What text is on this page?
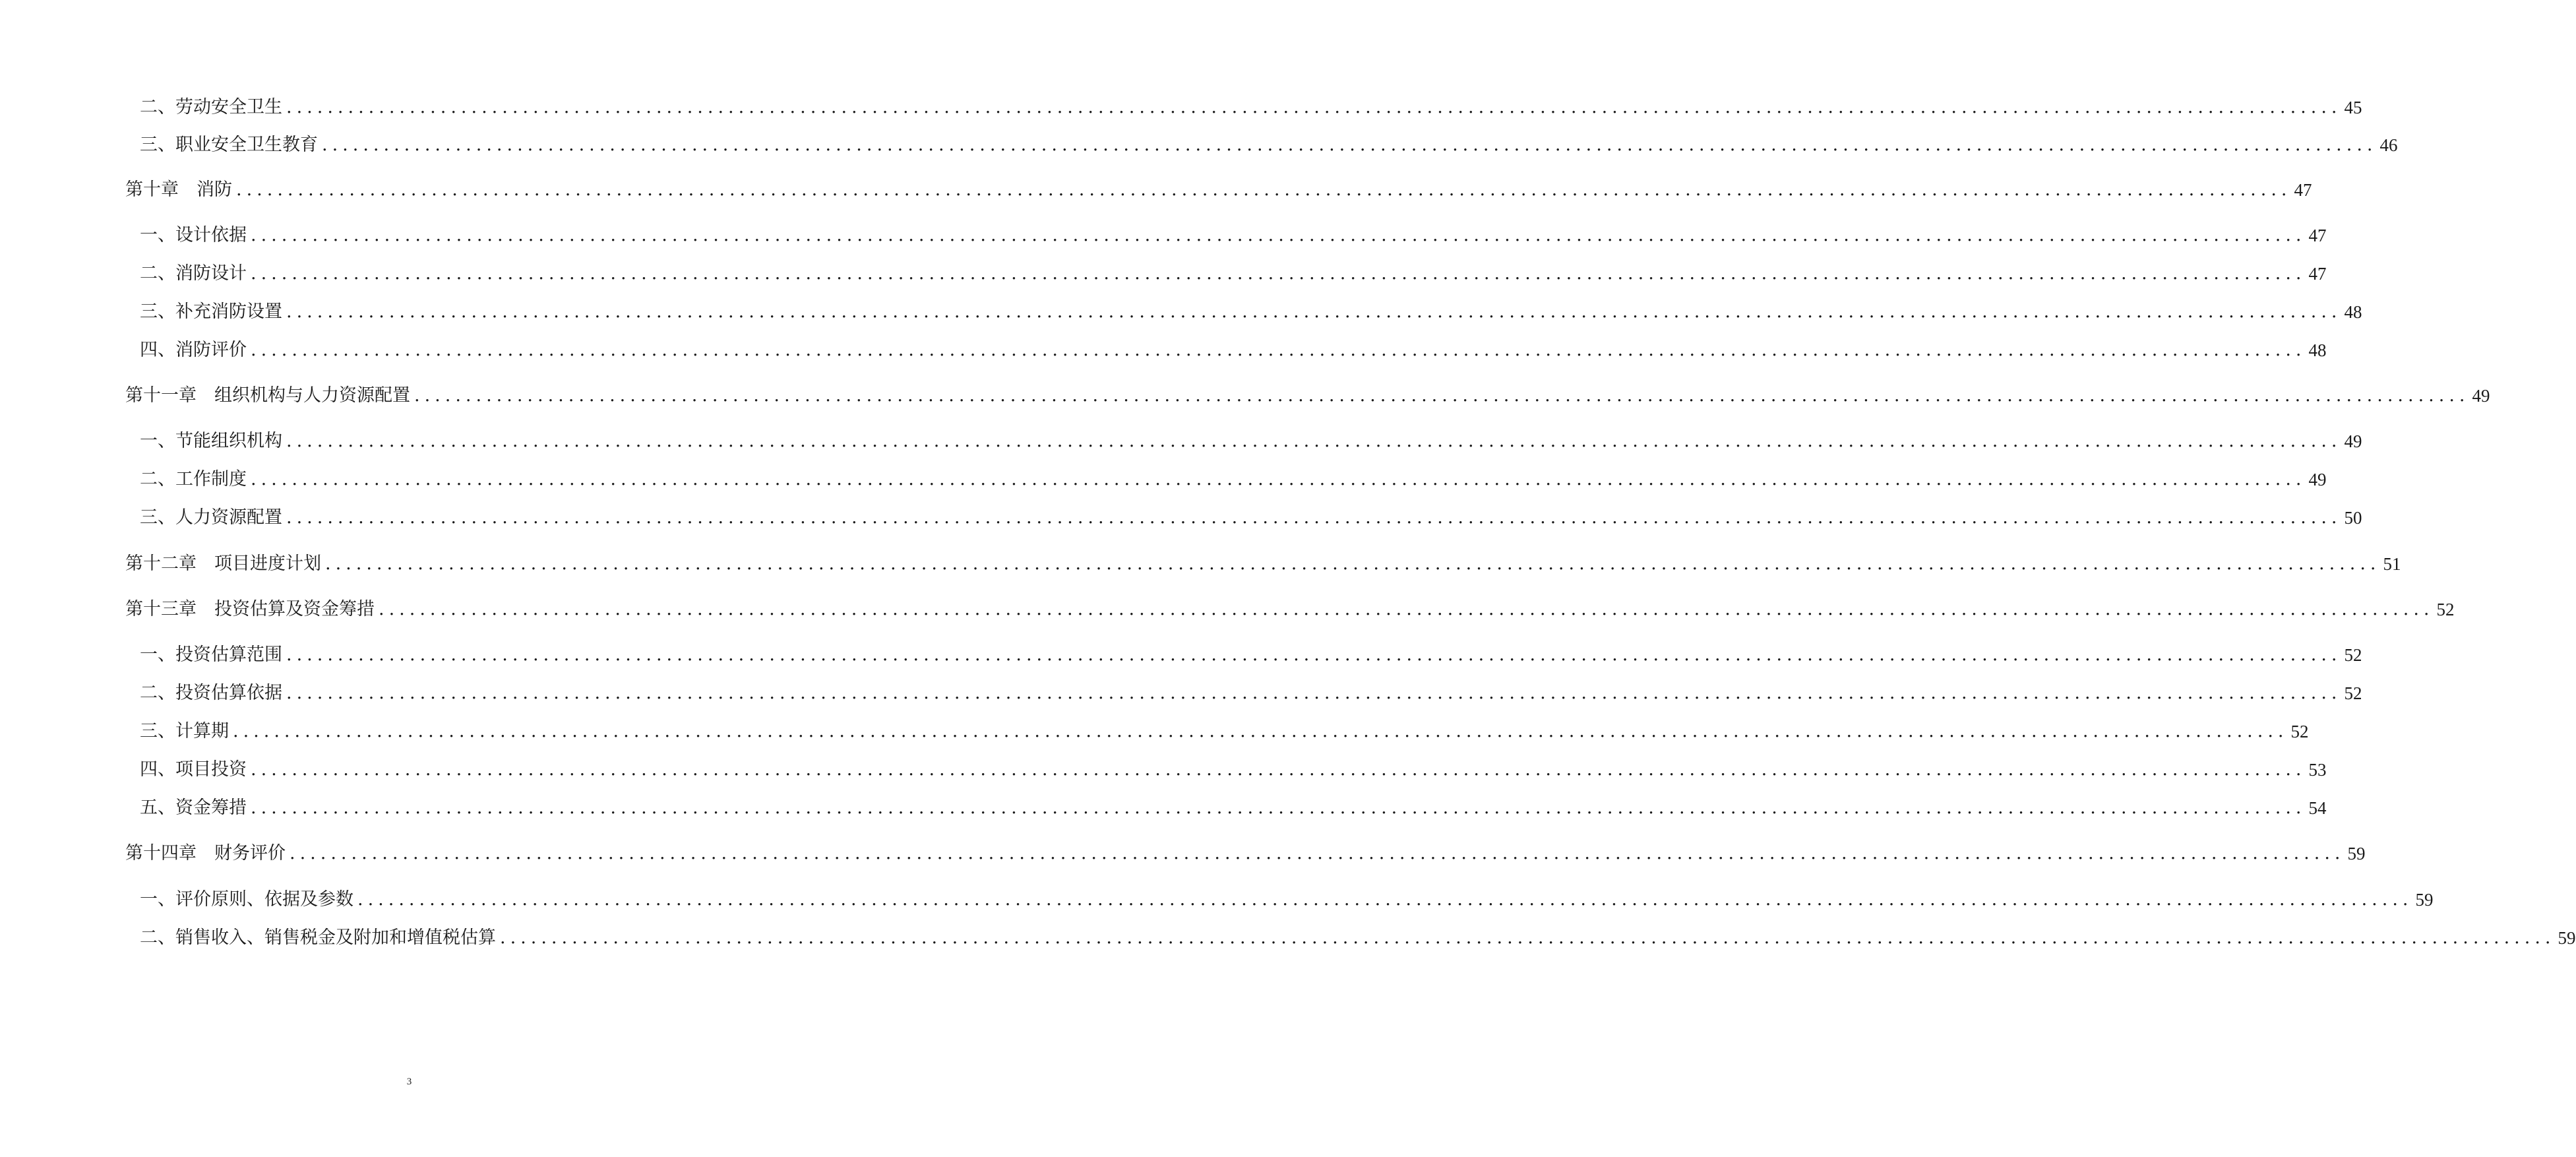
二、劳动安全卫生 ........................................................................................................................................................................................................ 45
三、职业安全卫生教育 ........................................................................................................................................................................................................ 46
第十章　消防 ........................................................................................................................................................................................................ 47
一、设计依据 ........................................................................................................................................................................................................ 47
二、消防设计 ........................................................................................................................................................................................................ 47
三、补充消防设置 ........................................................................................................................................................................................................ 48
四、消防评价 ........................................................................................................................................................................................................ 48
第十一章　组织机构与人力资源配置 ........................................................................................................................................................................................................ 49
一、节能组织机构 ........................................................................................................................................................................................................ 49
二、工作制度 ........................................................................................................................................................................................................ 49
三、人力资源配置 ........................................................................................................................................................................................................ 50
第十二章　项目进度计划 ........................................................................................................................................................................................................ 51
第十三章　投资估算及资金筹措 ........................................................................................................................................................................................................ 52
一、投资估算范围 ........................................................................................................................................................................................................ 52
二、投资估算依据 ........................................................................................................................................................................................................ 52
三、计算期 ........................................................................................................................................................................................................ 52
四、项目投资 ........................................................................................................................................................................................................ 53
五、资金筹措 ........................................................................................................................................................................................................ 54
第十四章　财务评价 ........................................................................................................................................................................................................ 59
一、评价原则、依据及参数 ........................................................................................................................................................................................................ 59
二、销售收入、销售税金及附加和增值税估算 ........................................................................................................................................................................................................ 59
3
